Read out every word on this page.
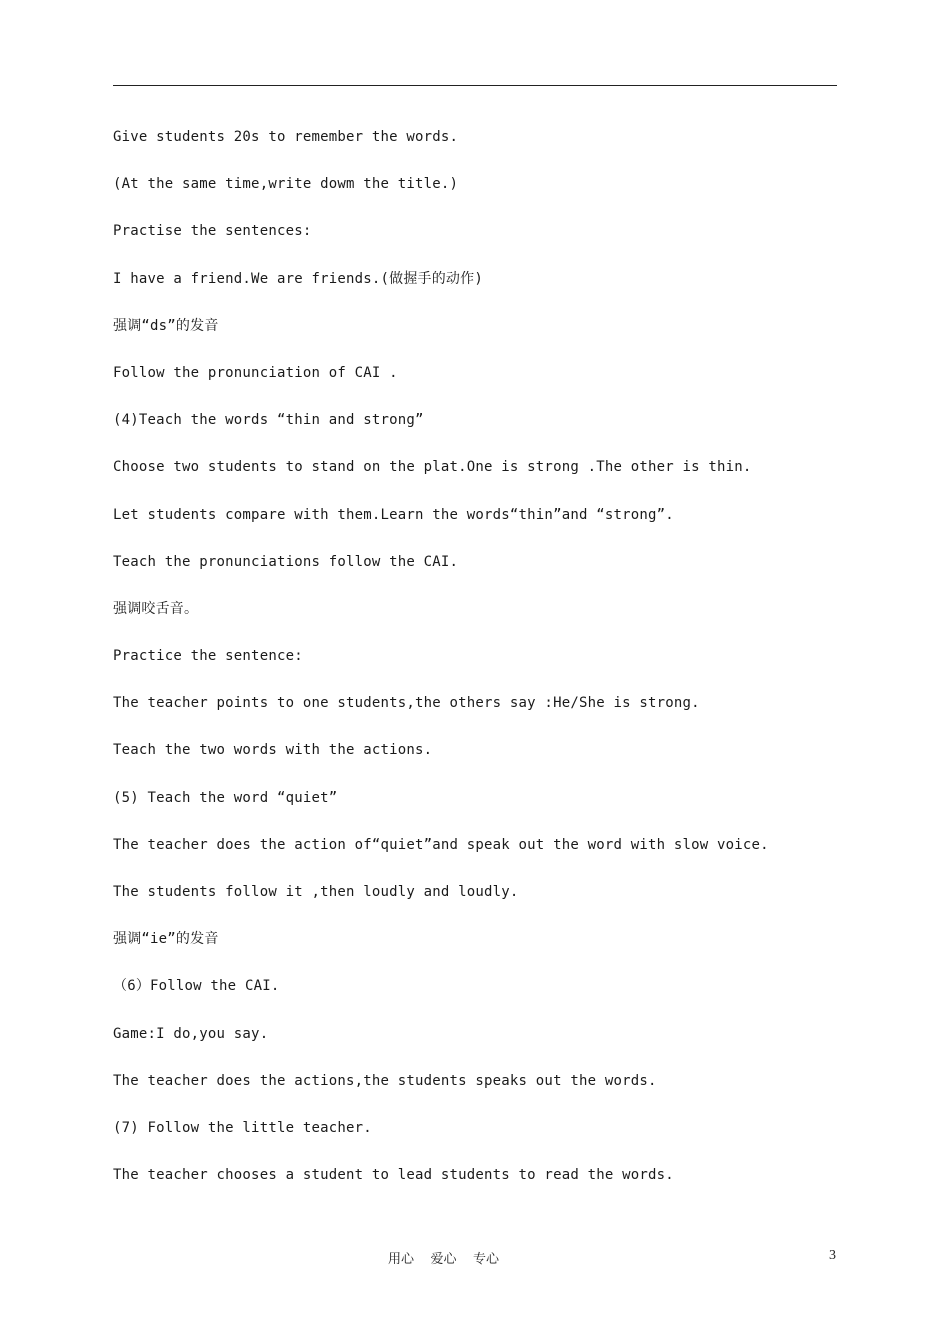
Give students 20s to remember the words.
(At the same time,write dowm the title.)
Practise the sentences:
I have a friend.We are friends.(做握手的动作)
强调“ds”的发音
Follow the pronunciation of CAI .
(4)Teach the words “thin and strong”
Choose two students to stand on the plat.One is strong .The other is thin.
Let students compare with them.Learn the words“thin”and “strong”.
Teach the pronunciations follow the CAI.
强调咬舌音。
Practice the sentence:
The teacher points to one students,the others say :He/She is strong.
Teach the two words with the actions.
(5) Teach the word “quiet”
The teacher does the action of“quiet”and speak out the word with slow voice.
The students follow it ,then loudly and loudly.
强调“ie”的发音
（6）Follow the CAI.
Game:I do,you say.
The teacher does the actions,the students speaks out the words.
(7) Follow the little teacher.
The teacher chooses a student to lead students to read the words.
用心    爱心    专心	3
